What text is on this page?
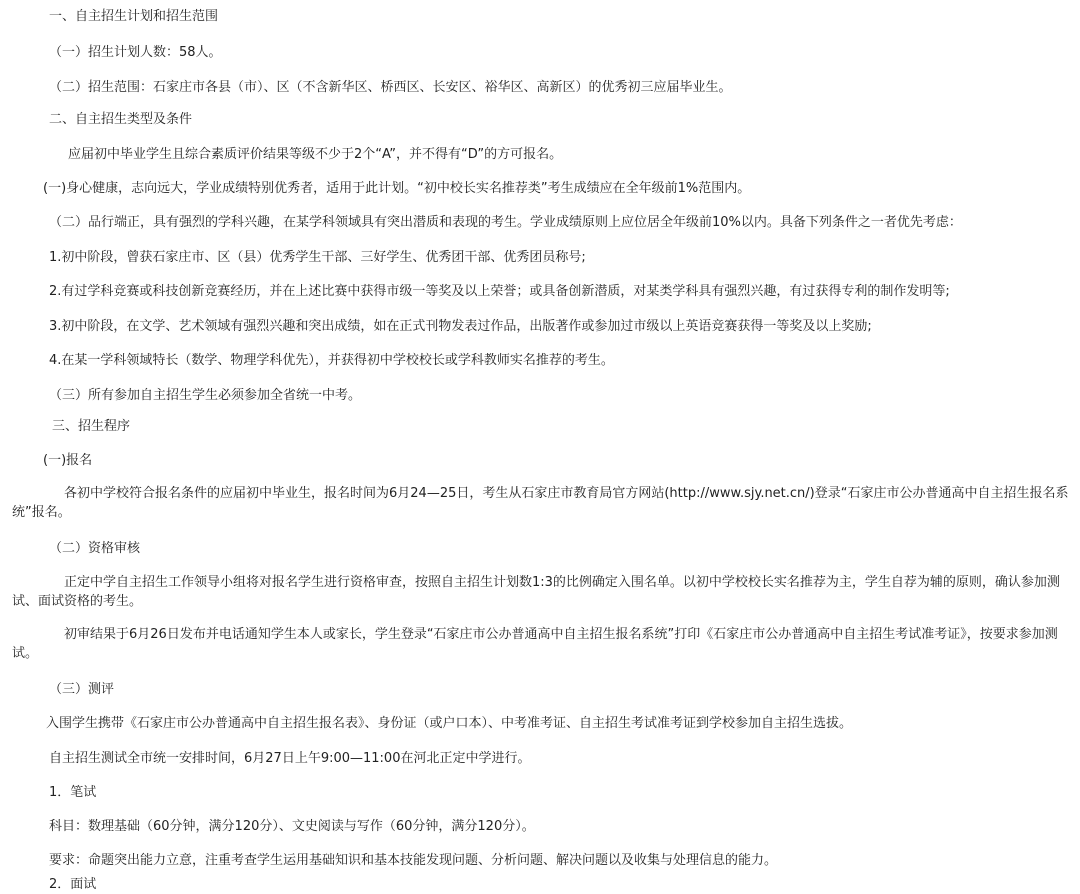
一、自主招生计划和招生范围

（一）招生计划人数：58人。

（二）招生范围：石家庄市各县（市）、区（不含新华区、桥西区、长安区、裕华区、高新区）的优秀初三应届毕业生。

二、自主招生类型及条件

应届初中毕业学生且综合素质评价结果等级不少于2个“A”，并不得有“D”的方可报名。

(一)身心健康，志向远大，学业成绩特别优秀者，适用于此计划。“初中校长实名推荐类”考生成绩应在全年级前1%范围内。

（二）品行端正，具有强烈的学科兴趣，在某学科领域具有突出潜质和表现的考生。学业成绩原则上应位居全年级前10%以内。具备下列条件之一者优先考虑：

1.初中阶段，曾获石家庄市、区（县）优秀学生干部、三好学生、优秀团干部、优秀团员称号;

2.有过学科竞赛或科技创新竞赛经历，并在上述比赛中获得市级一等奖及以上荣誉；或具备创新潜质，对某类学科具有强烈兴趣，有过获得专利的制作发明等;

3.初中阶段，在文学、艺术领域有强烈兴趣和突出成绩，如在正式刊物发表过作品，出版著作或参加过市级以上英语竞赛获得一等奖及以上奖励;

4.在某一学科领域特长（数学、物理学科优先），并获得初中学校校长或学科教师实名推荐的考生。

（三）所有参加自主招生学生必须参加全省统一中考。

三、招生程序

(一)报名

各初中学校符合报名条件的应届初中毕业生，报名时间为6月24—25日，考生从石家庄市教育局官方网站(http://www.sjy.net.cn/)登录“石家庄市公办普通高中自主招生报名系统”报名。

（二）资格审核

正定中学自主招生工作领导小组将对报名学生进行资格审查，按照自主招生计划数1:3的比例确定入围名单。以初中学校校长实名推荐为主，学生自荐为辅的原则，确认参加测试、面试资格的考生。

初审结果于6月26日发布并电话通知学生本人或家长，学生登录“石家庄市公办普通高中自主招生报名系统”打印《石家庄市公办普通高中自主招生考试准考证》，按要求参加测试。

（三）测评

入围学生携带《石家庄市公办普通高中自主招生报名表》、身份证（或户口本）、中考准考证、自主招生考试准考证到学校参加自主招生选拔。

自主招生测试全市统一安排时间，6月27日上午9:00—11:00在河北正定中学进行。

1．笔试

科目：数理基础（60分钟，满分120分）、文史阅读与写作（60分钟，满分120分）。

要求：命题突出能力立意，注重考查学生运用基础知识和基本技能发现问题、分析问题、解决问题以及收集与处理信息的能力。

2．面试
